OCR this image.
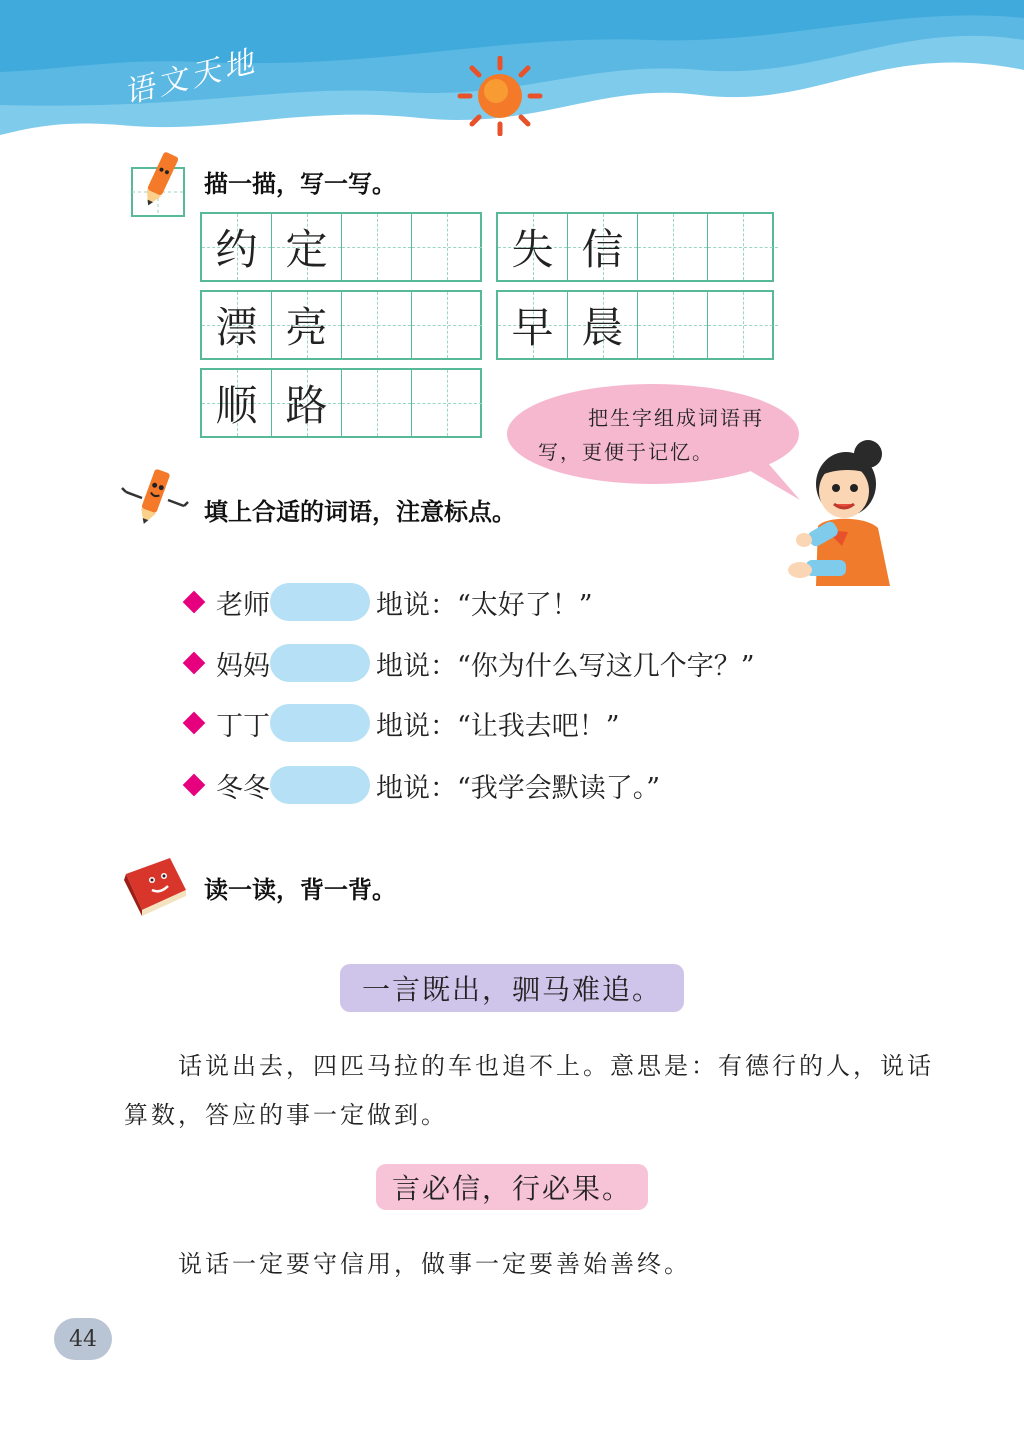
语文天地
描一描，写一写。
约 定	失 信
漂 亮	早 晨
顺 路	把生字组成词语再
写，更便于记忆。
填上合适的词语，注意标点。
老师	地说： “太好了！”
妈妈	地说： “你为什么写这几个字？”
丁丁	地说： “让我去吧！”
冬冬	地说： “我学会默读了。”
读一读，背一背。
一言既出，驷马难追。
话说出去，四匹马拉的车也追不上。意思是：有德行的人，说话
算数，答应的事一定做到。
言必信，行必果。
说话一定要守信用，做事一定要善始善终。
44
